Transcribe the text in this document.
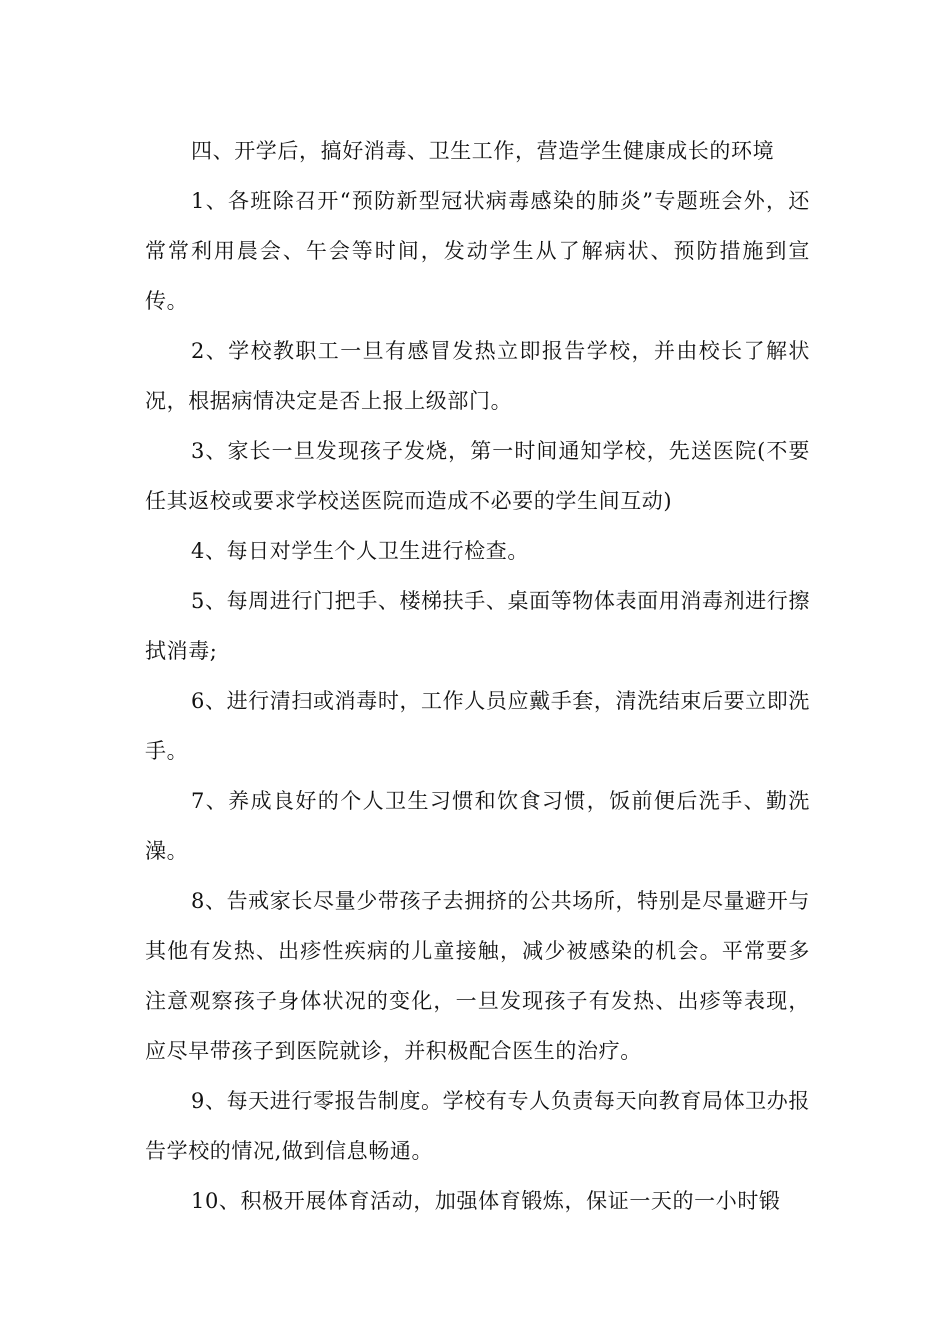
四、开学后，搞好消毒、卫生工作，营造学生健康成长的环境

1、各班除召开“预防新型冠状病毒感染的肺炎”专题班会外，还常常利用晨会、午会等时间，发动学生从了解病状、预防措施到宣传。

2、学校教职工一旦有感冒发热立即报告学校，并由校长了解状况，根据病情决定是否上报上级部门。

3、家长一旦发现孩子发烧，第一时间通知学校，先送医院(不要任其返校或要求学校送医院而造成不必要的学生间互动)

4、每日对学生个人卫生进行检查。

5、每周进行门把手、楼梯扶手、桌面等物体表面用消毒剂进行擦拭消毒;

6、进行清扫或消毒时，工作人员应戴手套，清洗结束后要立即洗手。

7、养成良好的个人卫生习惯和饮食习惯，饭前便后洗手、勤洗澡。

8、告戒家长尽量少带孩子去拥挤的公共场所，特别是尽量避开与其他有发热、出疹性疾病的儿童接触，减少被感染的机会。平常要多注意观察孩子身体状况的变化，一旦发现孩子有发热、出疹等表现，应尽早带孩子到医院就诊，并积极配合医生的治疗。

9、每天进行零报告制度。学校有专人负责每天向教育局体卫办报告学校的情况,做到信息畅通。

10、积极开展体育活动，加强体育锻炼，保证一天的一小时锻
